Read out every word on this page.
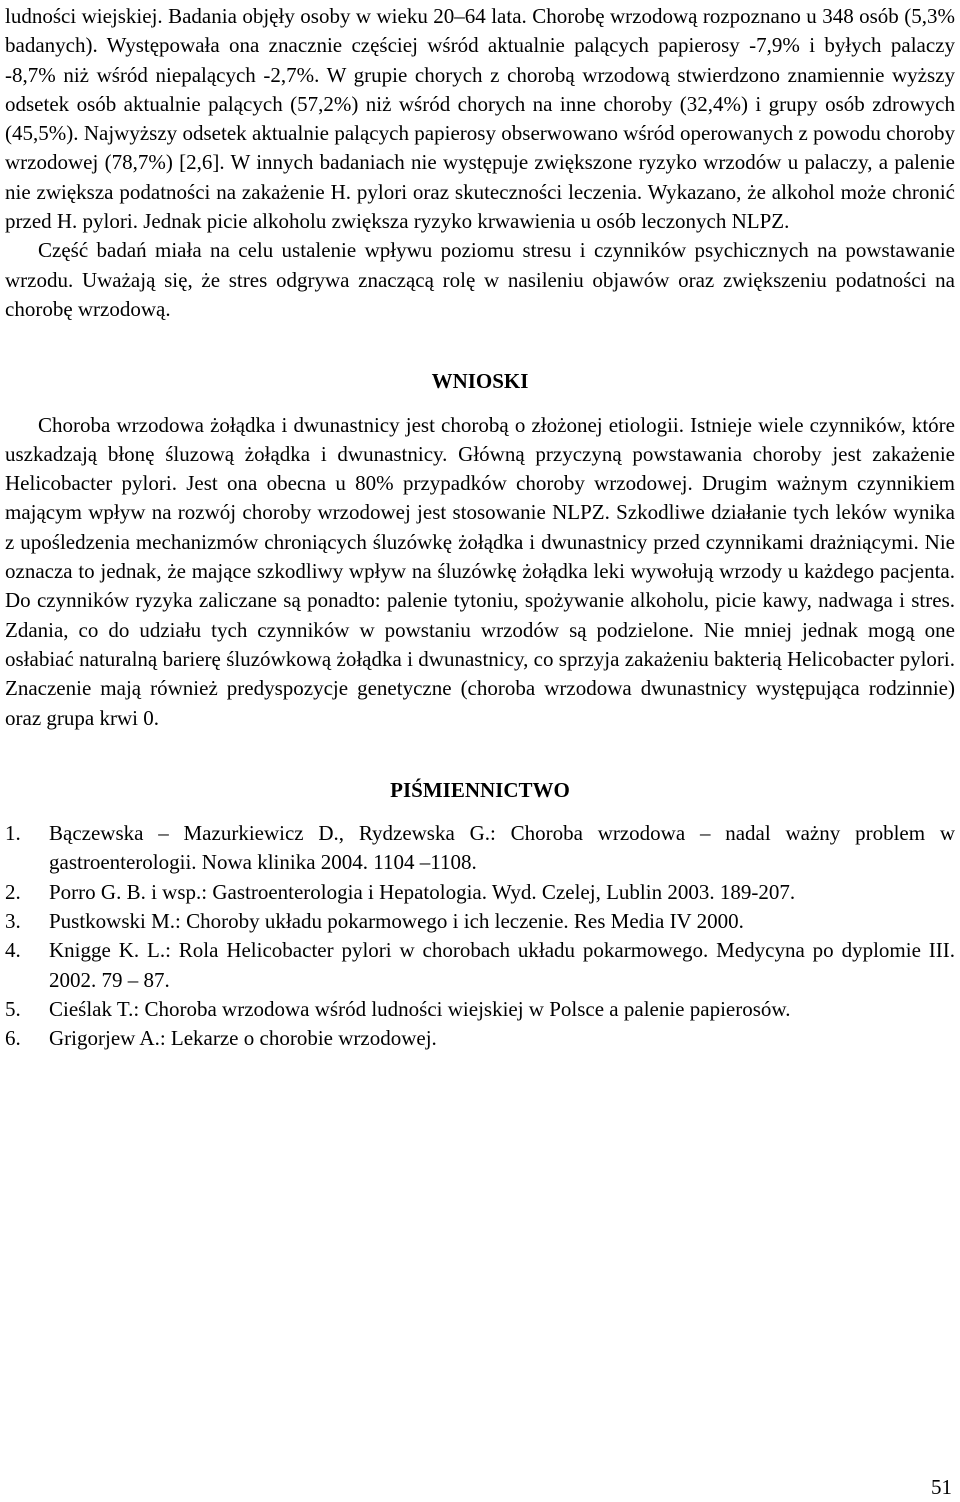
ludności wiejskiej. Badania objęły osoby w wieku 20–64 lata. Chorobę wrzodową rozpoznano u 348 osób (5,3% badanych). Występowała ona znacznie częściej wśród aktualnie palących papierosy -7,9% i byłych palaczy -8,7% niż wśród niepalących -2,7%. W grupie chorych z chorobą wrzodową stwierdzono znamiennie wyższy odsetek osób aktualnie palących (57,2%) niż wśród chorych na inne choroby (32,4%) i grupy osób zdrowych (45,5%). Najwyższy odsetek aktualnie palących papierosy obserwowano wśród operowanych z powodu choroby wrzodowej (78,7%) [2,6]. W innych badaniach nie występuje zwiększone ryzyko wrzodów u palaczy, a palenie nie zwiększa podatności na zakażenie H. pylori oraz skuteczności leczenia. Wykazano, że alkohol może chronić przed H. pylori. Jednak picie alkoholu zwiększa ryzyko krwawienia u osób leczonych NLPZ.

Część badań miała na celu ustalenie wpływu poziomu stresu i czynników psychicznych na powstawanie wrzodu. Uważają się, że stres odgrywa znaczącą rolę w nasileniu objawów oraz zwiększeniu podatności na chorobę wrzodową.

WNIOSKI

Choroba wrzodowa żołądka i dwunastnicy jest chorobą o złożonej etiologii. Istnieje wiele czynników, które uszkadzają błonę śluzową żołądka i dwunastnicy. Główną przyczyną powstawania choroby jest zakażenie Helicobacter pylori. Jest ona obecna u 80% przypadków choroby wrzodowej. Drugim ważnym czynnikiem mającym wpływ na rozwój choroby wrzodowej jest stosowanie NLPZ. Szkodliwe działanie tych leków wynika z upośledzenia mechanizmów chroniących śluzówkę żołądka i dwunastnicy przed czynnikami drażniącymi. Nie oznacza to jednak, że mające szkodliwy wpływ na śluzówkę żołądka leki wywołują wrzody u każdego pacjenta. Do czynników ryzyka zaliczane są ponadto: palenie tytoniu, spożywanie alkoholu, picie kawy, nadwaga i stres. Zdania, co do udziału tych czynników w powstaniu wrzodów są podzielone. Nie mniej jednak mogą one osłabiać naturalną barierę śluzówkową żołądka i dwunastnicy, co sprzyja zakażeniu bakterią Helicobacter pylori. Znaczenie mają również predyspozycje genetyczne (choroba wrzodowa dwunastnicy występująca rodzinnie) oraz grupa krwi 0.

PIŚMIENNICTWO
1. Bączewska – Mazurkiewicz D., Rydzewska G.: Choroba wrzodowa – nadal ważny problem w gastroenterologii. Nowa klinika 2004. 1104 –1108.
2. Porro G. B. i wsp.: Gastroenterologia i Hepatologia. Wyd. Czelej, Lublin 2003. 189-207.
3. Pustkowski M.: Choroby układu pokarmowego i ich leczenie. Res Media IV 2000.
4. Knigge K. L.: Rola Helicobacter pylori w chorobach układu pokarmowego. Medycyna po dyplomie III. 2002. 79 – 87.
5. Cieślak T.: Choroba wrzodowa wśród ludności wiejskiej w Polsce a palenie papierosów.
6. Grigorjew A.: Lekarze o chorobie wrzodowej.
51
